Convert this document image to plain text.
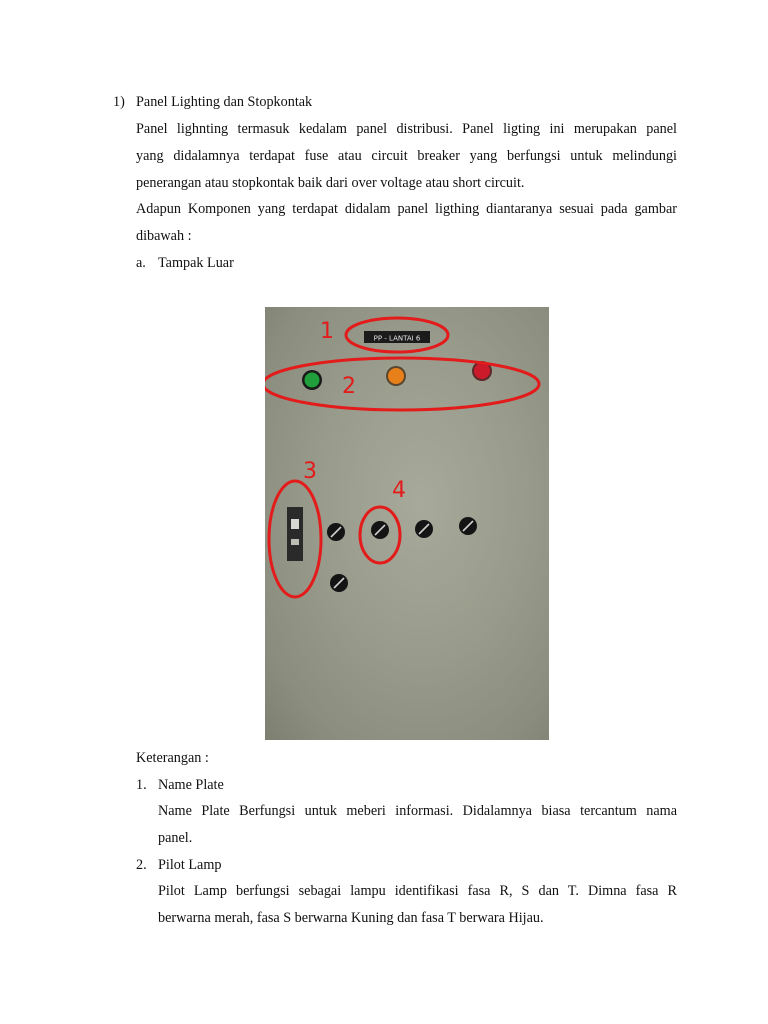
1) Panel Lighting dan Stopkontak
Panel lighnting termasuk kedalam panel distribusi. Panel ligting ini merupakan panel
yang didalamnya terdapat fuse atau circuit breaker yang berfungsi untuk melindungi
penerangan atau stopkontak baik dari over voltage atau short circuit.
Adapun Komponen yang terdapat didalam panel ligthing diantaranya sesuai pada gambar
dibawah :
a. Tampak Luar
PP - LANTAI 6
1
2
3
4
Keterangan :
1. Name Plate
Name Plate Berfungsi untuk meberi informasi. Didalamnya biasa tercantum nama
panel.
2. Pilot Lamp
Pilot Lamp berfungsi sebagai lampu identifikasi fasa R, S dan T. Dimna fasa R
berwarna merah, fasa S berwarna Kuning dan fasa T berwara Hijau.
